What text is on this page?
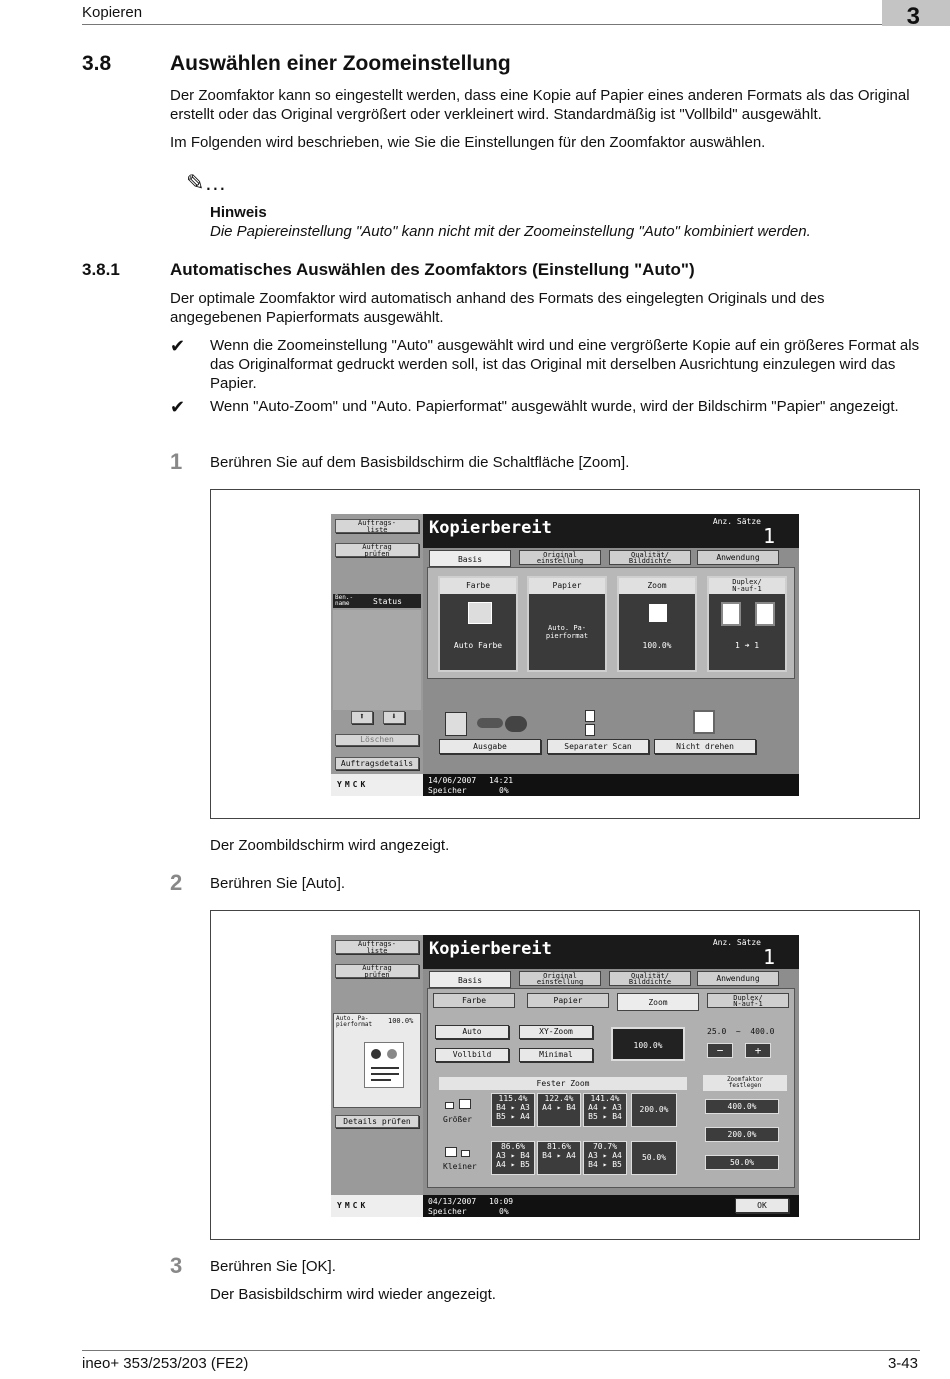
Kopieren	3
3.8	Auswählen einer Zoomeinstellung
Der Zoomfaktor kann so eingestellt werden, dass eine Kopie auf Papier eines anderen Formats als das Original erstellt oder das Original vergrößert oder verkleinert wird. Standardmäßig ist "Vollbild" ausgewählt.
Im Folgenden wird beschrieben, wie Sie die Einstellungen für den Zoomfaktor auswählen.
✎…
Hinweis
Die Papiereinstellung "Auto" kann nicht mit der Zoomeinstellung "Auto" kombiniert werden.
3.8.1	Automatisches Auswählen des Zoomfaktors (Einstellung "Auto")
Der optimale Zoomfaktor wird automatisch anhand des Formats des eingelegten Originals und des angegebenen Papierformats ausgewählt.
✔ Wenn die Zoomeinstellung "Auto" ausgewählt wird und eine vergrößerte Kopie auf ein größeres Format als das Originalformat gedruckt werden soll, ist das Original mit derselben Ausrichtung einzulegen wird das Papier.
✔ Wenn "Auto-Zoom" und "Auto. Papierformat" ausgewählt wurde, wird der Bildschirm "Papier" angezeigt.
1 Berühren Sie auf dem Basisbildschirm die Schaltfläche [Zoom].
Auftrags-
liste
Auftrag
prüfen
Ben.-
name	Status
⬆	⬇
Löschen
Auftragsdetails
YMCK
Kopierbereit	Anz. Sätze
1
Basis	Original
einstellung
Qualität/
Bilddichte	Anwendung
Farbe
Auto Farbe
Papier
Auto. Pa-
pierformat
Zoom
100.0%
Duplex/
N-auf-1
1 ➜ 1
Ausgabe	Separater Scan	Nicht drehen
14/06/2007 14:21
Speicher	0%
Der Zoombildschirm wird angezeigt.
2 Berühren Sie [Auto].
Auftrags-
liste
Auftrag
prüfen
Auto. Pa-
pierformat 100.0%
Details prüfen
YMCK
Kopierbereit	Anz. Sätze
1
Basis	Original
einstellung
Qualität/
Bilddichte	Anwendung
Farbe	Papier	Zoom	Duplex/
N-auf-1
Auto	XY-Zoom
Vollbild	Minimal
100.0%
25.0  ~  400.0
−	+
Fester Zoom
Größer
Kleiner
115.4%
B4 ▸ A3
B5 ▸ A4
122.4%
A4 ▸ B4
141.4%
A4 ▸ A3
B5 ▸ B4
200.0%
86.6%
A3 ▸ B4
A4 ▸ B5
81.6%
B4 ▸ A4
70.7%
A3 ▸ A4
B4 ▸ B5
50.0%
Zoomfaktor
festlegen
400.0%
200.0%
50.0%
04/13/2007 10:09
Speicher	0%
OK
3 Berühren Sie [OK].
Der Basisbildschirm wird wieder angezeigt.
ineo+ 353/253/203 (FE2)	3-43
